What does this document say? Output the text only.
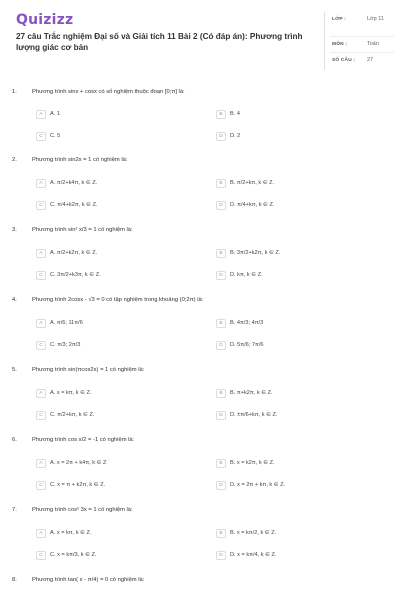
Quizizz
27 câu Trắc nghiệm Đại số và Giải tích 11 Bài 2 (Có đáp án): Phương trình lượng giác cơ bản
LỚP :	Lớp 11
MÔN :	Toán
SỐ CÂU : 27
1.	Phương trình sinx + cosx có số nghiệm thuộc đoạn [0;π] là:
A	A. 1	B	B. 4
C	C. 5	D	D. 2
2.	Phương trình sin2x = 1 có nghiệm là:
A	A. π/2+k4π, k ∈ Z.	B	B. π/2+kπ, k ∈ Z.
C	C. π/4+k2π, k ∈ Z.	D	D. π/4+kπ, k ∈ Z.
3.	Phương trình sin² x/3 = 1 có nghiệm là:
A	A. π/2+k2π, k ∈ Z.	B	B. 3π/2+k2π, k ∈ Z.
C	C. 3π/2+k3π, k ∈ Z.	D	D. kπ, k ∈ Z.
4.	Phương trình 2cosx - √3 = 0 có tập nghiệm trong khoảng (0;2π) là:
A	A. π/6; 11π/6	B	B. 4π/3; 4π/3
C	C. π/3; 2π/3	D	D. 5π/6; 7π/6
5.	Phương trình sin(πcos2x) = 1 có nghiệm là:
A	A. x = kπ, k ∈ Z.	B	B. π+k2π, k ∈ Z.
C	C. π/2+kπ, k ∈ Z.	D	D. ±π/6+kπ, k ∈ Z.
6.	Phương trình cos x/2 = -1 có nghiệm là:
A	A. x = 2π + k4π, k ∈ Z	B	B. x = k2π, k ∈ Z.
C	C. x = π + k2π, k ∈ Z.	D	D. x = 2π + kπ, k ∈ Z.
7.	Phương trình cos² 3x = 1 có nghiệm là:
A	A. x = kπ, k ∈ Z.	B	B. x = kπ/2, k ∈ Z.
C	C. x = kπ/3, k ∈ Z.	D	D. x = kπ/4, k ∈ Z.
8.	Phương trình tan( x - π/4) = 0 có nghiệm là:
